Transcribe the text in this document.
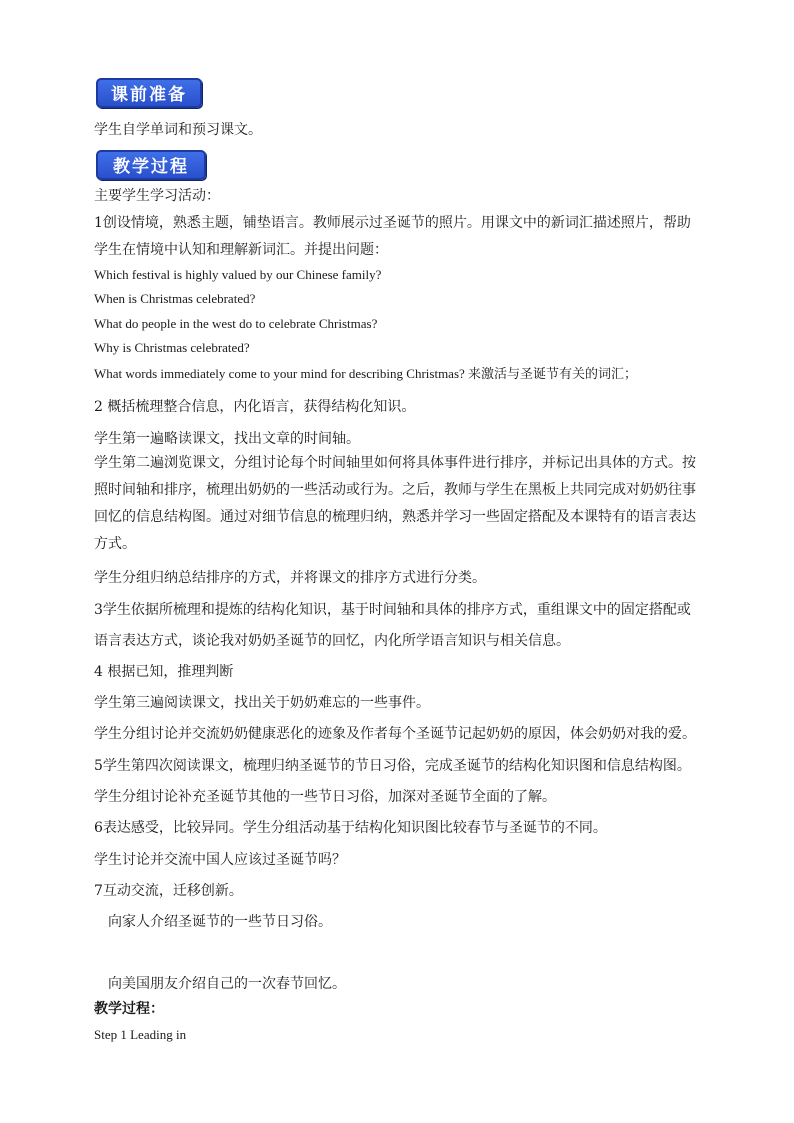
课前准备
学生自学单词和预习课文。
教学过程
主要学生学习活动：
1创设情境，熟悉主题，铺垫语言。教师展示过圣诞节的照片。用课文中的新词汇描述照片，帮助
学生在情境中认知和理解新词汇。并提出问题：
Which festival is highly valued by our Chinese family?
When is Christmas celebrated?
What do people in the west do to celebrate Christmas?
Why is Christmas celebrated?
What words immediately come to your mind for describing Christmas? 来激活与圣诞节有关的词汇；
2 概括梳理整合信息，内化语言，获得结构化知识。
学生第一遍略读课文，找出文章的时间轴。
学生第二遍浏览课文，分组讨论每个时间轴里如何将具体事件进行排序，并标记出具体的方式。按
照时间轴和排序，梳理出奶奶的一些活动或行为。之后，教师与学生在黑板上共同完成对奶奶往事
回忆的信息结构图。通过对细节信息的梳理归纳，熟悉并学习一些固定搭配及本课特有的语言表达
方式。
学生分组归纳总结排序的方式，并将课文的排序方式进行分类。
3学生依据所梳理和提炼的结构化知识，基于时间轴和具体的排序方式，重组课文中的固定搭配或
语言表达方式，谈论我对奶奶圣诞节的回忆，内化所学语言知识与相关信息。
4 根据已知，推理判断
学生第三遍阅读课文，找出关于奶奶难忘的一些事件。
学生分组讨论并交流奶奶健康恶化的迹象及作者每个圣诞节记起奶奶的原因，体会奶奶对我的爱。
5学生第四次阅读课文，梳理归纳圣诞节的节日习俗，完成圣诞节的结构化知识图和信息结构图。
学生分组讨论补充圣诞节其他的一些节日习俗，加深对圣诞节全面的了解。
6表达感受，比较异同。学生分组活动基于结构化知识图比较春节与圣诞节的不同。
学生讨论并交流中国人应该过圣诞节吗？
7互动交流，迁移创新。
向家人介绍圣诞节的一些节日习俗。
向美国朋友介绍自己的一次春节回忆。
教学过程：
Step 1 Leading in
